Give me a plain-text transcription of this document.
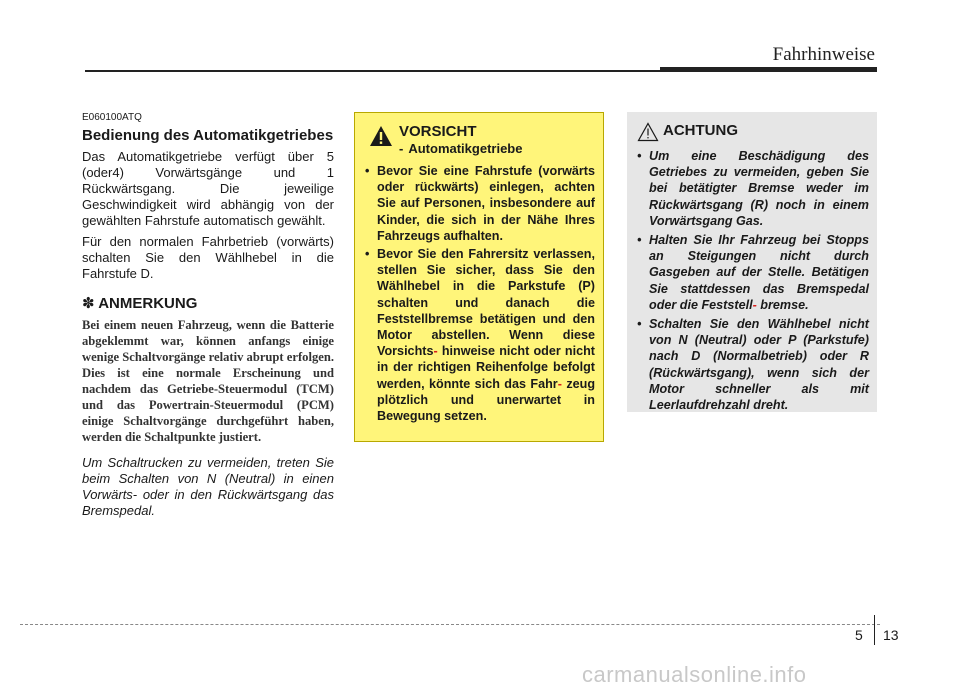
Fahrhinweise

E060100ATQ

Bedienung des Automatikgetriebes

Das Automatikgetriebe verfügt über 5 (oder4) Vorwärtsgänge und 1 Rückwärtsgang. Die jeweilige Geschwindigkeit wird abhängig von der gewählten Fahrstufe automatisch gewählt.

Für den normalen Fahrbetrieb (vorwärts) schalten Sie den Wählhebel in die Fahrstufe D.

✽ ANMERKUNG

Bei einem neuen Fahrzeug, wenn die Batterie abgeklemmt war, können anfangs einige wenige Schaltvorgänge relativ abrupt erfolgen. Dies ist eine normale Erscheinung und nachdem das Getriebe-Steuermodul (TCM) und das Powertrain-Steuermodul (PCM) einige Schaltvorgänge durchgeführt haben, werden die Schaltpunkte justiert.

Um Schaltrucken zu vermeiden, treten Sie beim Schalten von N (Neutral) in einen Vorwärts- oder in den Rückwärtsgang das Bremspedal.

VORSICHT
- Automatikgetriebe
• Bevor Sie eine Fahrstufe (vorwärts oder rückwärts) einlegen, achten Sie auf Personen, insbesondere auf Kinder, die sich in der Nähe Ihres Fahrzeugs aufhalten.
• Bevor Sie den Fahrersitz verlassen, stellen Sie sicher, dass Sie den Wählhebel in die Parkstufe (P) schalten und danach die Feststellbremse betätigen und den Motor abstellen. Wenn diese Vorsichts- hinweise nicht oder nicht in der richtigen Reihenfolge befolgt werden, könnte sich das Fahr- zeug plötzlich und unerwartet in Bewegung setzen.
ACHTUNG
• Um eine Beschädigung des Getriebes zu vermeiden, geben Sie bei betätigter Bremse weder im Rückwärtsgang (R) noch in einem Vorwärtsgang Gas.
• Halten Sie Ihr Fahrzeug bei Stopps an Steigungen nicht durch Gasgeben auf der Stelle. Betätigen Sie stattdessen das Bremspedal oder die Feststell- bremse.
• Schalten Sie den Wählhebel nicht von N (Neutral) oder P (Parkstufe) nach D (Normalbetrieb) oder R (Rückwärtsgang), wenn sich der Motor schneller als mit Leerlaufdrehzahl dreht.
5 13
carmanualsonline.info
